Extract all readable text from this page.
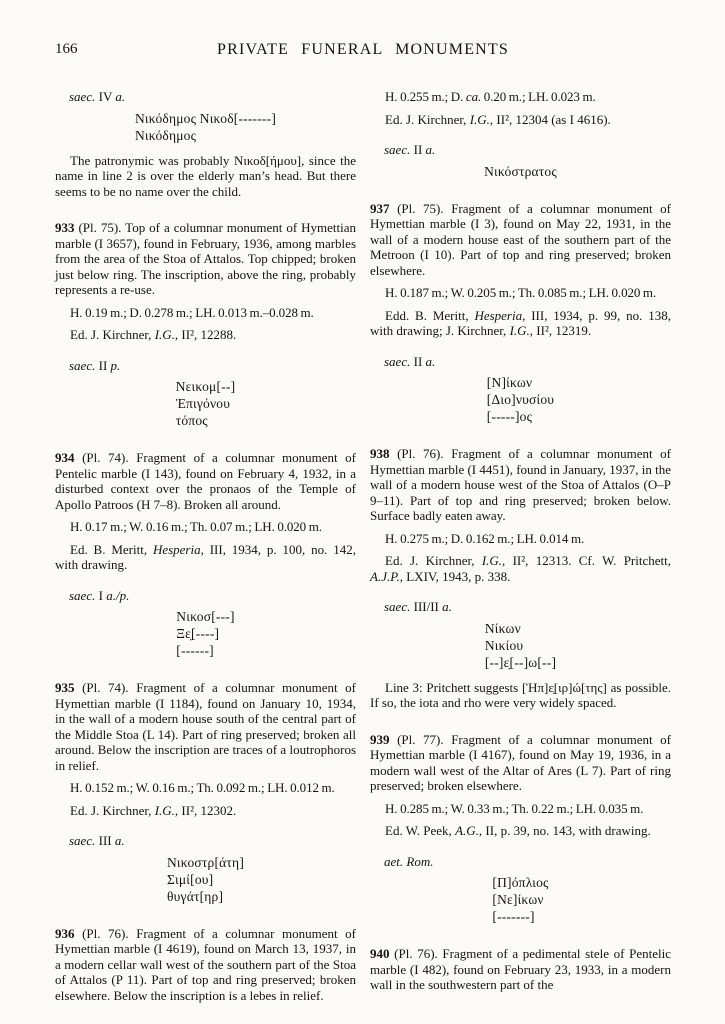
166	PRIVATE FUNERAL MONUMENTS

saec. IV a.

Νικόδημος Νικοδ[-------]
Νικόδημος

The patronymic was probably Νικοδ[ήμου], since the name in line 2 is over the elderly man’s head. But there seems to be no name over the child.

933 (Pl. 75). Top of a columnar monument of Hymettian marble (I 3657), found in February, 1936, among marbles from the area of the Stoa of Attalos. Top chipped; broken just below ring. The inscription, above the ring, probably represents a re-use.

H. 0.19 m.; D. 0.278 m.; LH. 0.013 m.–0.028 m.

Ed. J. Kirchner, I.G., II², 12288.

saec. II p.

Νεικομ[--]
Ἐπιγόνου
τόπος

934 (Pl. 74). Fragment of a columnar monument of Pentelic marble (I 143), found on February 4, 1932, in a disturbed context over the pronaos of the Temple of Apollo Patroos (H 7–8). Broken all around.

H. 0.17 m.; W. 0.16 m.; Th. 0.07 m.; LH. 0.020 m.

Ed. B. Meritt, Hesperia, III, 1934, p. 100, no. 142, with drawing.

saec. I a./p.

Νικοσ[---]
Ξε̣[----]
[------]

935 (Pl. 74). Fragment of a columnar monument of Hymettian marble (I 1184), found on January 10, 1934, in the wall of a modern house south of the central part of the Middle Stoa (L 14). Part of ring preserved; broken all around. Below the inscription are traces of a loutrophoros in relief.

H. 0.152 m.; W. 0.16 m.; Th. 0.092 m.; LH. 0.012 m.

Ed. J. Kirchner, I.G., II², 12302.

saec. III a.

Νικοστρ[άτη]
Σιμί[ου]
θυγάτ[ηρ]

936 (Pl. 76). Fragment of a columnar monument of Hymettian marble (I 4619), found on March 13, 1937, in a modern cellar wall west of the southern part of the Stoa of Attalos (P 11). Part of top and ring preserved; broken elsewhere. Below the inscription is a lebes in relief.

H. 0.255 m.; D. ca. 0.20 m.; LH. 0.023 m.

Ed. J. Kirchner, I.G., II², 12304 (as I 4616).

saec. II a.

Νικόστρατος

937 (Pl. 75). Fragment of a columnar monument of Hymettian marble (I 3), found on May 22, 1931, in the wall of a modern house east of the southern part of the Metroon (I 10). Part of top and ring preserved; broken elsewhere.

H. 0.187 m.; W. 0.205 m.; Th. 0.085 m.; LH. 0.020 m.

Edd. B. Meritt, Hesperia, III, 1934, p. 99, no. 138, with drawing; J. Kirchner, I.G., II², 12319.

saec. II a.

[Ν]ίκων
[Διο]νυσίου
[-----]ος

938 (Pl. 76). Fragment of a columnar monument of Hymettian marble (I 4451), found in January, 1937, in the wall of a modern house west of the Stoa of Attalos (O–P 9–11). Part of top and ring preserved; broken below. Surface badly eaten away.

H. 0.275 m.; D. 0.162 m.; LH. 0.014 m.

Ed. J. Kirchner, I.G., II², 12313. Cf. W. Pritchett, A.J.P., LXIV, 1943, p. 338.

saec. III/II a.

Νίκων
Νικίου
[--]ε̣[--]ω[--]

Line 3: Pritchett suggests [Ἡπ]ε̣[ιρ]ώ[της] as possible. If so, the iota and rho were very widely spaced.

939 (Pl. 77). Fragment of a columnar monument of Hymettian marble (I 4167), found on May 19, 1936, in a modern wall west of the Altar of Ares (L 7). Part of ring preserved; broken elsewhere.

H. 0.285 m.; W. 0.33 m.; Th. 0.22 m.; LH. 0.035 m.

Ed. W. Peek, A.G., II, p. 39, no. 143, with drawing.

aet. Rom.

[Π]όπλιος
[Νε]ίκων
[-------]

940 (Pl. 76). Fragment of a pedimental stele of Pentelic marble (I 482), found on February 23, 1933, in a modern wall in the southwestern part of the
